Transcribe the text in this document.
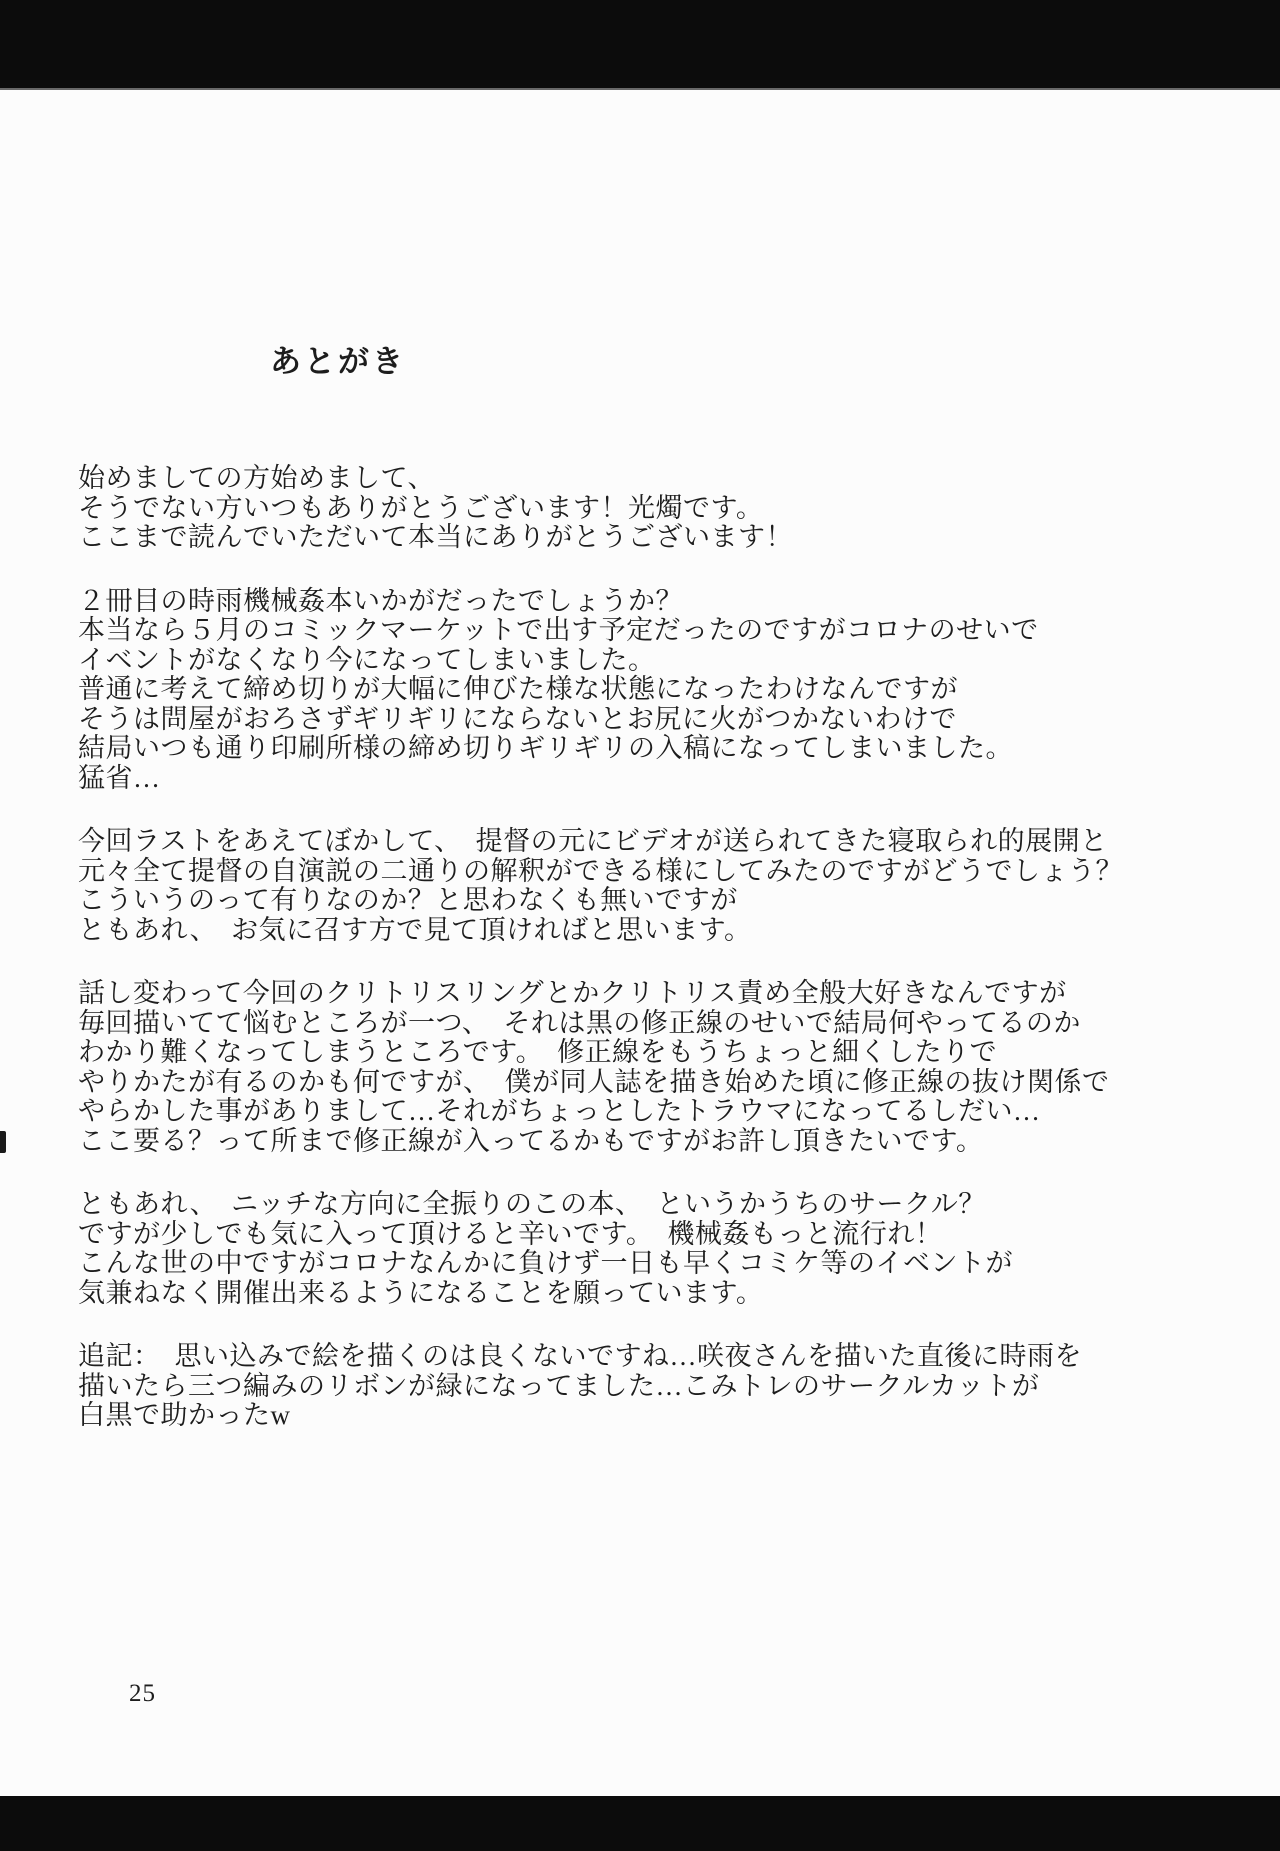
あとがき
始めましての方始めまして、
そうでない方いつもありがとうございます！光燭です。
ここまで読んでいただいて本当にありがとうございます！
２冊目の時雨機械姦本いかがだったでしょうか？
本当なら５月のコミックマーケットで出す予定だったのですがコロナのせいで
イベントがなくなり今になってしまいました。
普通に考えて締め切りが大幅に伸びた様な状態になったわけなんですが
そうは問屋がおろさずギリギリにならないとお尻に火がつかないわけで
結局いつも通り印刷所様の締め切りギリギリの入稿になってしまいました。
猛省…
今回ラストをあえてぼかして、　提督の元にビデオが送られてきた寝取られ的展開と
元々全て提督の自演説の二通りの解釈ができる様にしてみたのですがどうでしょう？
こういうのって有りなのか？と思わなくも無いですが
ともあれ、　お気に召す方で見て頂ければと思います。
話し変わって今回のクリトリスリングとかクリトリス責め全般大好きなんですが
毎回描いてて悩むところが一つ、　それは黒の修正線のせいで結局何やってるのか
わかり難くなってしまうところです。　修正線をもうちょっと細くしたりで
やりかたが有るのかも何ですが、　僕が同人誌を描き始めた頃に修正線の抜け関係で
やらかした事がありまして…それがちょっとしたトラウマになってるしだい…
ここ要る？って所まで修正線が入ってるかもですがお許し頂きたいです。
ともあれ、　ニッチな方向に全振りのこの本、　というかうちのサークル？
ですが少しでも気に入って頂けると辛いです。　機械姦もっと流行れ！
こんな世の中ですがコロナなんかに負けず一日も早くコミケ等のイベントが
気兼ねなく開催出来るようになることを願っています。
追記：　思い込みで絵を描くのは良くないですね…咲夜さんを描いた直後に時雨を
描いたら三つ編みのリボンが緑になってました…こみトレのサークルカットが
白黒で助かったw
25
